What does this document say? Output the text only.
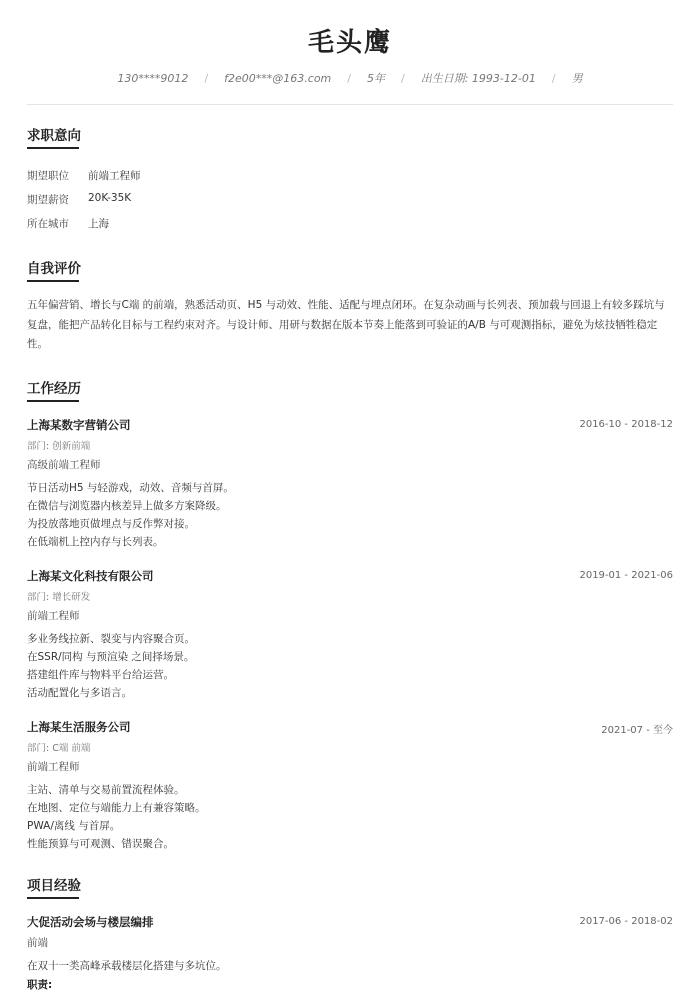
毛头鹰
130****9012	/	f2e00***@163.com	/	5年	/	出生日期: 1993-12-01	/	男
求职意向
期望职位 前端工程师
期望薪资 20K-35K
所在城市 上海
自我评价
五年偏营销、增长与C端 的前端，熟悉活动页、H5 与动效、性能、适配与埋点闭环。在复杂动画与长列表、预加载与回退上有较多踩坑与
复盘，能把产品转化目标与工程约束对齐。与设计师、用研与数据在版本节奏上能落到可验证的A/B 与可观测指标，避免为炫技牺牲稳定
性。
工作经历
上海某数字营销公司	2016-10 - 2018-12
部门: 创新前端
高级前端工程师
节日活动H5 与轻游戏，动效、音频与首屏。
在微信与浏览器内核差异上做多方案降级。
为投放落地页做埋点与反作弊对接。
在低端机上控内存与长列表。
上海某文化科技有限公司	2019-01 - 2021-06
部门: 增长研发
前端工程师
多业务线拉新、裂变与内容聚合页。
在SSR/同构 与预渲染 之间择场景。
搭建组件库与物料平台给运营。
活动配置化与多语言。
上海某生活服务公司	2021-07 - 至今
部门: C端 前端
前端工程师
主站、清单与交易前置流程体验。
在地图、定位与端能力上有兼容策略。
PWA/离线 与首屏。
性能预算与可观测、错误聚合。
项目经验
大促活动会场与楼层编排	2017-06 - 2018-02
前端
在双十一类高峰承载楼层化搭建与多坑位。
职责:
